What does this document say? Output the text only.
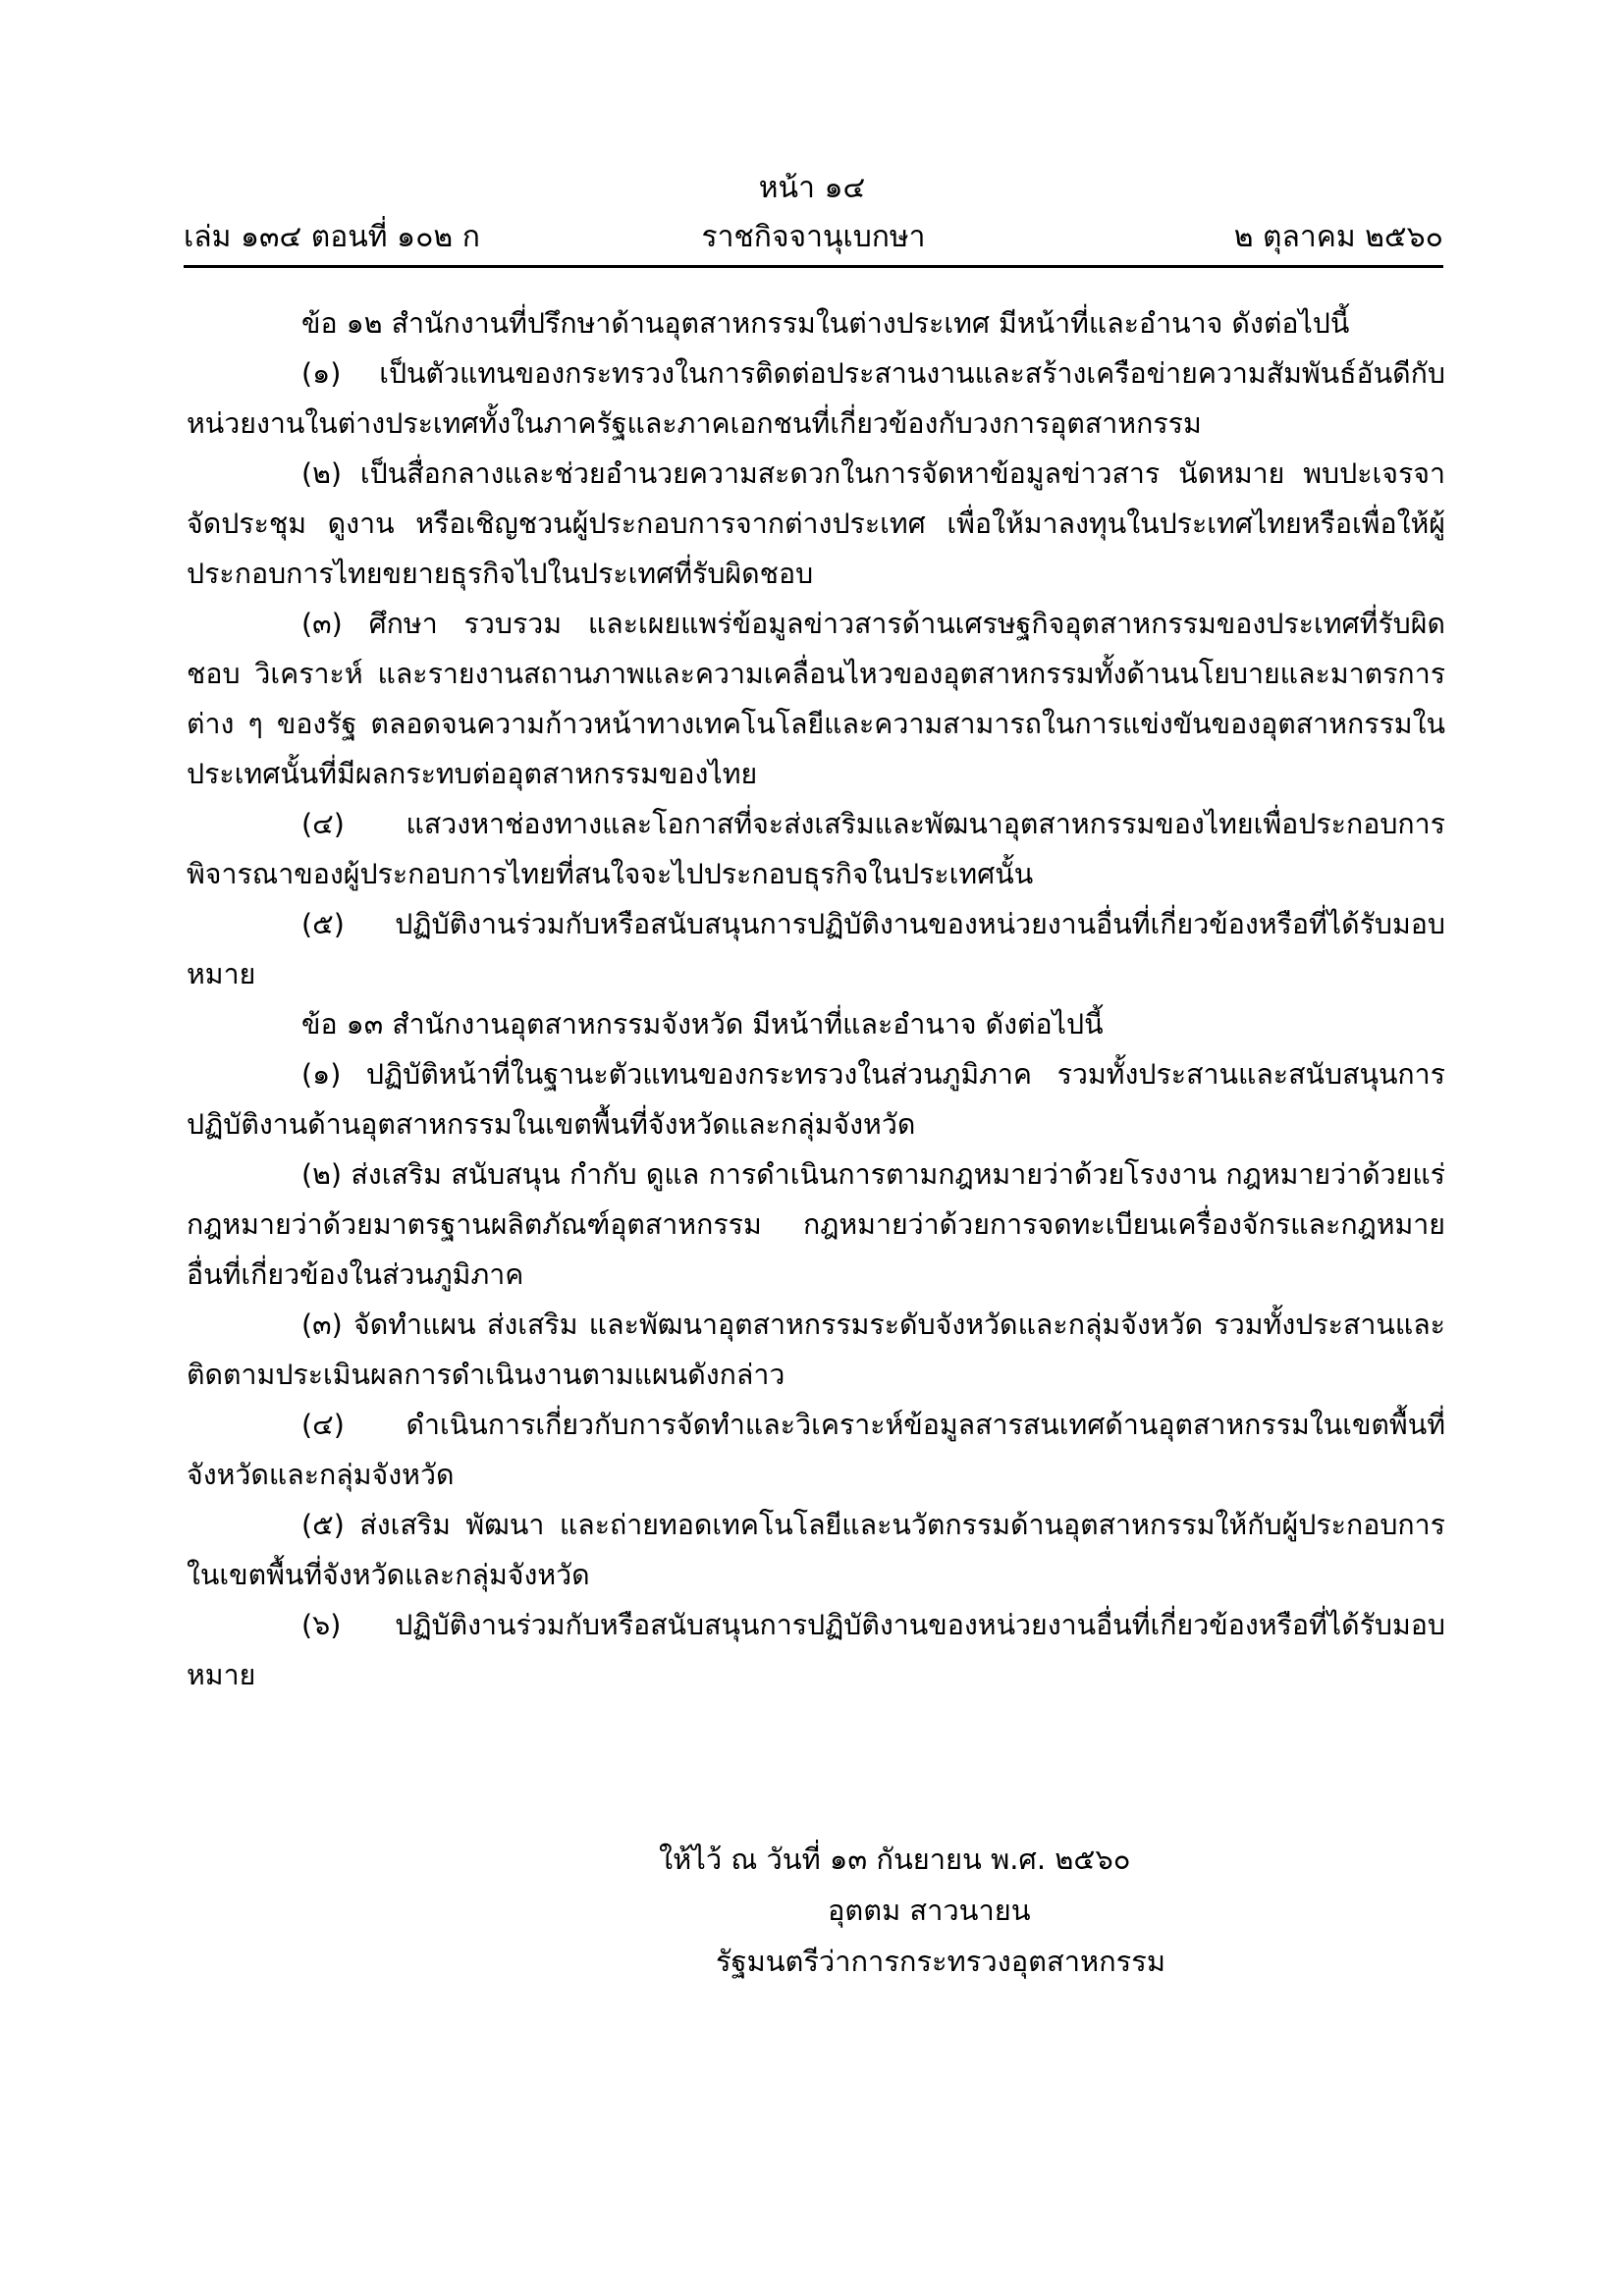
หน้า ๑๔
เล่ม ๑๓๔ ตอนที่ ๑๐๒ ก	ราชกิจจานุเบกษา	๒ ตุลาคม ๒๕๖๐

ข้อ ๑๒ สำนักงานที่ปรึกษาด้านอุตสาหกรรมในต่างประเทศ มีหน้าที่และอำนาจ ดังต่อไปนี้

(๑) เป็นตัวแทนของกระทรวงในการติดต่อประสานงานและสร้างเครือข่ายความสัมพันธ์อันดีกับหน่วยงานในต่างประเทศทั้งในภาครัฐและภาคเอกชนที่เกี่ยวข้องกับวงการอุตสาหกรรม

(๒) เป็นสื่อกลางและช่วยอำนวยความสะดวกในการจัดหาข้อมูลข่าวสาร นัดหมาย พบปะเจรจา จัดประชุม ดูงาน หรือเชิญชวนผู้ประกอบการจากต่างประเทศ เพื่อให้มาลงทุนในประเทศไทยหรือเพื่อให้ผู้ประกอบการไทยขยายธุรกิจไปในประเทศที่รับผิดชอบ

(๓) ศึกษา รวบรวม และเผยแพร่ข้อมูลข่าวสารด้านเศรษฐกิจอุตสาหกรรมของประเทศที่รับผิดชอบ วิเคราะห์ และรายงานสถานภาพและความเคลื่อนไหวของอุตสาหกรรมทั้งด้านนโยบายและมาตรการต่าง ๆ ของรัฐ ตลอดจนความก้าวหน้าทางเทคโนโลยีและความสามารถในการแข่งขันของอุตสาหกรรมในประเทศนั้นที่มีผลกระทบต่ออุตสาหกรรมของไทย

(๔) แสวงหาช่องทางและโอกาสที่จะส่งเสริมและพัฒนาอุตสาหกรรมของไทยเพื่อประกอบการพิจารณาของผู้ประกอบการไทยที่สนใจจะไปประกอบธุรกิจในประเทศนั้น

(๕) ปฏิบัติงานร่วมกับหรือสนับสนุนการปฏิบัติงานของหน่วยงานอื่นที่เกี่ยวข้องหรือที่ได้รับมอบหมาย

ข้อ ๑๓ สำนักงานอุตสาหกรรมจังหวัด มีหน้าที่และอำนาจ ดังต่อไปนี้

(๑) ปฏิบัติหน้าที่ในฐานะตัวแทนของกระทรวงในส่วนภูมิภาค รวมทั้งประสานและสนับสนุนการปฏิบัติงานด้านอุตสาหกรรมในเขตพื้นที่จังหวัดและกลุ่มจังหวัด

(๒) ส่งเสริม สนับสนุน กำกับ ดูแล การดำเนินการตามกฎหมายว่าด้วยโรงงาน กฎหมายว่าด้วยแร่ กฎหมายว่าด้วยมาตรฐานผลิตภัณฑ์อุตสาหกรรม กฎหมายว่าด้วยการจดทะเบียนเครื่องจักรและกฎหมายอื่นที่เกี่ยวข้องในส่วนภูมิภาค

(๓) จัดทำแผน ส่งเสริม และพัฒนาอุตสาหกรรมระดับจังหวัดและกลุ่มจังหวัด รวมทั้งประสานและติดตามประเมินผลการดำเนินงานตามแผนดังกล่าว

(๔) ดำเนินการเกี่ยวกับการจัดทำและวิเคราะห์ข้อมูลสารสนเทศด้านอุตสาหกรรมในเขตพื้นที่จังหวัดและกลุ่มจังหวัด

(๕) ส่งเสริม พัฒนา และถ่ายทอดเทคโนโลยีและนวัตกรรมด้านอุตสาหกรรมให้กับผู้ประกอบการในเขตพื้นที่จังหวัดและกลุ่มจังหวัด

(๖) ปฏิบัติงานร่วมกับหรือสนับสนุนการปฏิบัติงานของหน่วยงานอื่นที่เกี่ยวข้องหรือที่ได้รับมอบหมาย

ให้ไว้ ณ วันที่ ๑๓ กันยายน พ.ศ. ๒๕๖๐
อุตตม สาวนายน
รัฐมนตรีว่าการกระทรวงอุตสาหกรรม
